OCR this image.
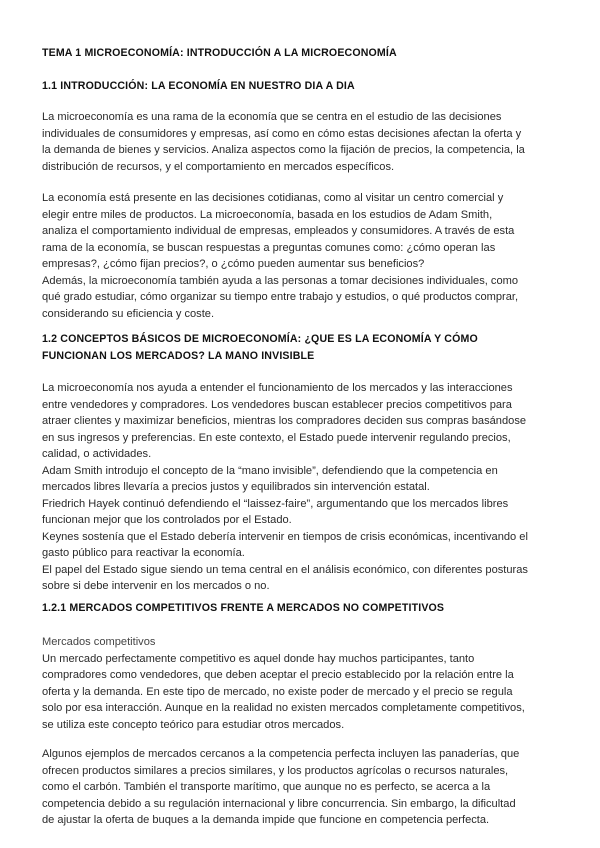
TEMA 1 MICROECONOMÍA: INTRODUCCIÓN A LA MICROECONOMÍA
1.1 INTRODUCCIÓN: LA ECONOMÍA EN NUESTRO DIA A DIA
La microeconomía es una rama de la economía que se centra en el estudio de las decisiones
individuales de consumidores y empresas, así como en cómo estas decisiones afectan la oferta y
la demanda de bienes y servicios. Analiza aspectos como la fijación de precios, la competencia, la
distribución de recursos, y el comportamiento en mercados específicos.
La economía está presente en las decisiones cotidianas, como al visitar un centro comercial y
elegir entre miles de productos. La microeconomía, basada en los estudios de Adam Smith,
analiza el comportamiento individual de empresas, empleados y consumidores. A través de esta
rama de la economía, se buscan respuestas a preguntas comunes como: ¿cómo operan las
empresas?, ¿cómo fijan precios?, o ¿cómo pueden aumentar sus beneficios?
Además, la microeconomía también ayuda a las personas a tomar decisiones individuales, como
qué grado estudiar, cómo organizar su tiempo entre trabajo y estudios, o qué productos comprar,
considerando su eficiencia y coste.
1.2 CONCEPTOS BÁSICOS DE MICROECONOMÍA: ¿QUE ES LA ECONOMÍA Y CÓMO
FUNCIONAN LOS MERCADOS? LA MANO INVISIBLE
La microeconomía nos ayuda a entender el funcionamiento de los mercados y las interacciones
entre vendedores y compradores. Los vendedores buscan establecer precios competitivos para
atraer clientes y maximizar beneficios, mientras los compradores deciden sus compras basándose
en sus ingresos y preferencias. En este contexto, el Estado puede intervenir regulando precios,
calidad, o actividades.
Adam Smith introdujo el concepto de la “mano invisible”, defendiendo que la competencia en
mercados libres llevaría a precios justos y equilibrados sin intervención estatal.
Friedrich Hayek continuó defendiendo el “laissez-faire”, argumentando que los mercados libres
funcionan mejor que los controlados por el Estado.
Keynes sostenía que el Estado debería intervenir en tiempos de crisis económicas, incentivando el
gasto público para reactivar la economía.
El papel del Estado sigue siendo un tema central en el análisis económico, con diferentes posturas
sobre si debe intervenir en los mercados o no.
1.2.1 MERCADOS COMPETITIVOS FRENTE A MERCADOS NO COMPETITIVOS
Mercados competitivos
Un mercado perfectamente competitivo es aquel donde hay muchos participantes, tanto
compradores como vendedores, que deben aceptar el precio establecido por la relación entre la
oferta y la demanda. En este tipo de mercado, no existe poder de mercado y el precio se regula
solo por esa interacción. Aunque en la realidad no existen mercados completamente competitivos,
se utiliza este concepto teórico para estudiar otros mercados.
Algunos ejemplos de mercados cercanos a la competencia perfecta incluyen las panaderías, que
ofrecen productos similares a precios similares, y los productos agrícolas o recursos naturales,
como el carbón. También el transporte marítimo, que aunque no es perfecto, se acerca a la
competencia debido a su regulación internacional y libre concurrencia. Sin embargo, la dificultad
de ajustar la oferta de buques a la demanda impide que funcione en competencia perfecta.
